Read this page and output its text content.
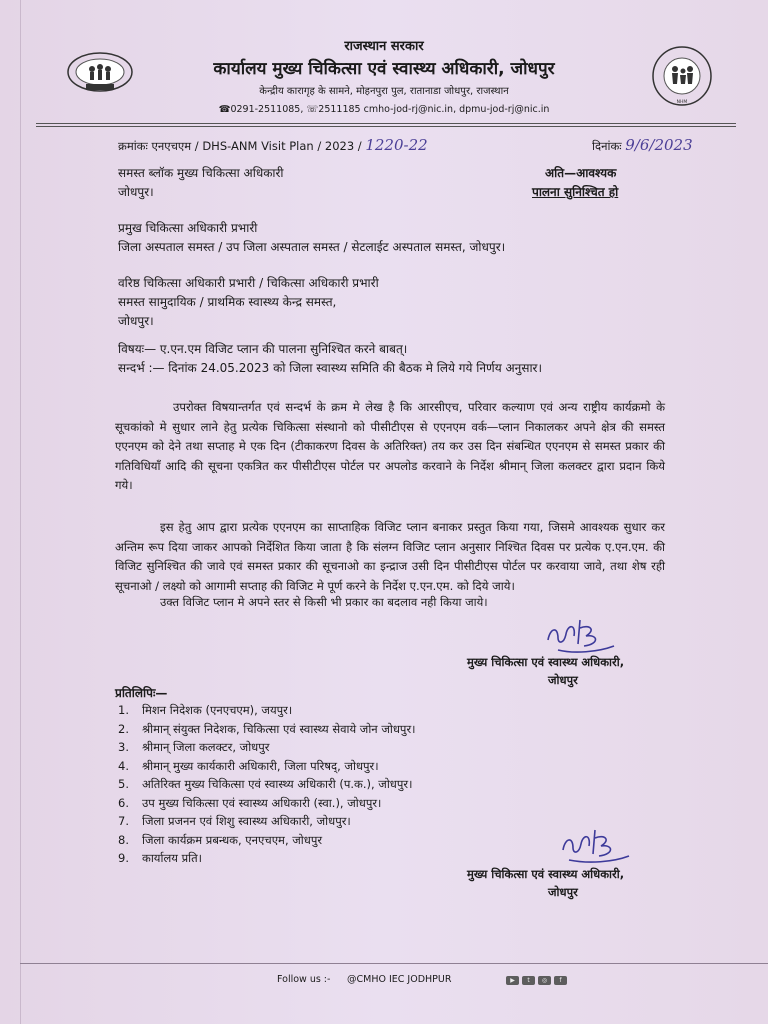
NHM
राजस्थान सरकार
कार्यालय मुख्य चिकित्सा एवं स्वास्थ्य अधिकारी, जोधपुर
केन्द्रीय कारागृह के सामने, मोहनपुरा पुल, रातानाडा जोधपुर, राजस्थान
☎0291-2511085, ☏2511185 cmho-jod-rj@nic.in, dpmu-jod-rj@nic.in
क्रमांकः एनएचएम / DHS-ANM Visit Plan / 2023 / 1220-22	दिनांकः 9/6/2023
समस्त ब्लॉक मुख्य चिकित्सा अधिकारी
जोधपुर।
अति—आवश्यक
पालना सुनिश्चित हो
प्रमुख चिकित्सा अधिकारी प्रभारी
जिला अस्पताल समस्त / उप जिला अस्पताल समस्त / सेटलाईट अस्पताल समस्त, जोधपुर।
वरिष्ठ चिकित्सा अधिकारी प्रभारी / चिकित्सा अधिकारी प्रभारी
समस्त सामुदायिक / प्राथमिक स्वास्थ्य केन्द्र समस्त,
जोधपुर।
विषयः— ए.एन.एम विजिट प्लान की पालना सुनिश्चित करने बाबत्।
सन्दर्भ :— दिनांक 24.05.2023 को जिला स्वास्थ्य समिति की बैठक मे लिये गये निर्णय अनुसार।
उपरोक्त विषयान्तर्गत एवं सन्दर्भ के क्रम मे लेख है कि आरसीएच, परिवार कल्याण एवं अन्य राष्ट्रीय कार्यक्रमो के सूचकांको मे सुधार लाने हेतु प्रत्येक चिकित्सा संस्थानो को पीसीटीएस से एएनएम वर्क—प्लान निकालकर अपने क्षेत्र की समस्त एएनएम को देने तथा सप्ताह मे एक दिन (टीकाकरण दिवस के अतिरिक्त) तय कर उस दिन संबन्धित एएनएम से समस्त प्रकार की गतिविधियाँ आदि की सूचना एकत्रित कर पीसीटीएस पोर्टल पर अपलोड करवाने के निर्देश श्रीमान् जिला कलक्टर द्वारा प्रदान किये गये।
इस हेतु आप द्वारा प्रत्येक एएनएम का साप्ताहिक विजिट प्लान बनाकर प्रस्तुत किया गया, जिसमे आवश्यक सुधार कर अन्तिम रूप दिया जाकर आपको निर्देशित किया जाता है कि संलग्न विजिट प्लान अनुसार निश्चित दिवस पर प्रत्येक ए.एन.एम. की विजिट सुनिश्चित की जावे एवं समस्त प्रकार की सूचनाओ का इन्द्राज उसी दिन पीसीटीएस पोर्टल पर करवाया जावे, तथा शेष रही सूचनाओ / लक्ष्यो को आगामी सप्ताह की विजिट मे पूर्ण करने के निर्देश ए.एन.एम. को दिये जाये।
उक्त विजिट प्लान मे अपने स्तर से किसी भी प्रकार का बदलाव नही किया जाये।
मुख्य चिकित्सा एवं स्वास्थ्य अधिकारी,
जोधपुर
प्रतिलिपिः—
1.	मिशन निदेशक (एनएचएम), जयपुर।
2.	श्रीमान् संयुक्त निदेशक, चिकित्सा एवं स्वास्थ्य सेवाये जोन जोधपुर।
3.	श्रीमान् जिला कलक्टर, जोधपुर
4.	श्रीमान् मुख्य कार्यकारी अधिकारी, जिला परिषद्, जोधपुर।
5.	अतिरिक्त मुख्य चिकित्सा एवं स्वास्थ्य अधिकारी (प.क.), जोधपुर।
6.	उप मुख्य चिकित्सा एवं स्वास्थ्य अधिकारी (स्वा.), जोधपुर।
7.	जिला प्रजनन एवं शिशु स्वास्थ्य अधिकारी, जोधपुर।
8.	जिला कार्यक्रम प्रबन्धक, एनएचएम, जोधपुर
9.	कार्यालय प्रति।
मुख्य चिकित्सा एवं स्वास्थ्य अधिकारी,
जोधपुर
Follow us :- @CMHO IEC JODHPUR	▶	t	◎	f
